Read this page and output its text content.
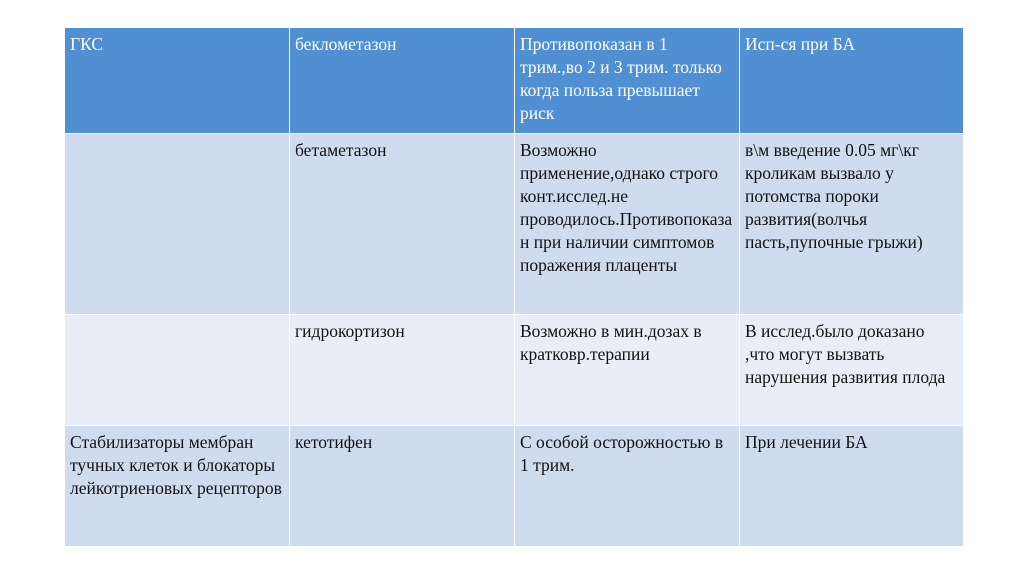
ГКС	беклометазон	Противопоказан в 1 трим.,во 2 и 3 трим. только когда польза превышает риск	Исп-ся при БА
	бетаметазон	Возможно применение,однако строго конт.исслед.не проводилось.Противопоказан при наличии симптомов поражения плаценты	в\м введение 0.05 мг\кг кроликам вызвало у потомства пороки развития(волчья пасть,пупочные грыжи)
	гидрокортизон	Возможно в мин.дозах в кратковр.терапии	В исслед.было доказано ,что могут вызвать нарушения развития плода
Стабилизаторы мембран тучных клеток и блокаторы лейкотриеновых рецепторов	кетотифен	С особой осторожностью в 1 трим.	При лечении БА
